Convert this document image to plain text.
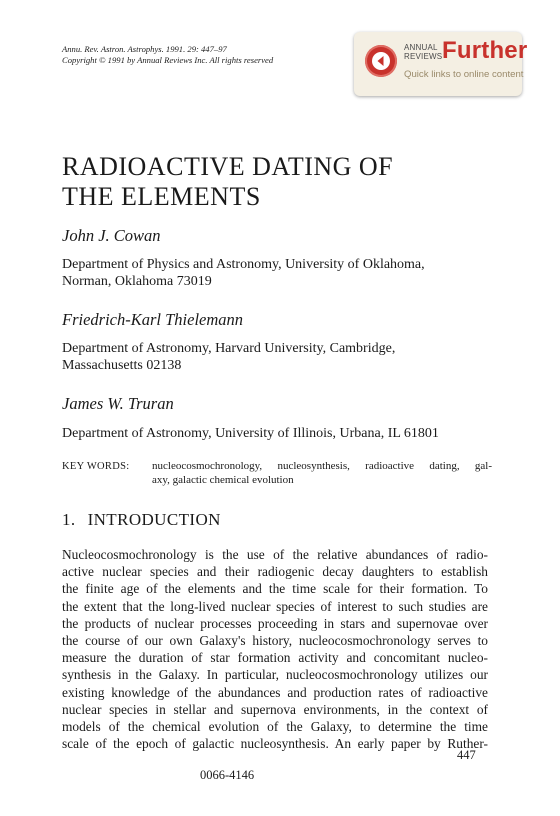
Annu. Rev. Astron. Astrophys. 1991. 29: 447–97
Copyright © 1991 by Annual Reviews Inc. All rights reserved
ANNUAL
REVIEWS Further
Quick links to online content
RADIOACTIVE DATING OF
THE ELEMENTS
John J. Cowan
Department of Physics and Astronomy, University of Oklahoma,
Norman, Oklahoma 73019
Friedrich-Karl Thielemann
Department of Astronomy, Harvard University, Cambridge,
Massachusetts 02138
James W. Truran
Department of Astronomy, University of Illinois, Urbana, IL 61801
KEY WORDS: nucleocosmochronology, nucleosynthesis, radioactive dating, gal-
axy, galactic chemical evolution
1. INTRODUCTION
Nucleocosmochronology is the use of the relative abundances of radio-
active nuclear species and their radiogenic decay daughters to establish
the finite age of the elements and the time scale for their formation. To
the extent that the long-lived nuclear species of interest to such studies are
the products of nuclear processes proceeding in stars and supernovae over
the course of our own Galaxy's history, nucleocosmochronology serves to
measure the duration of star formation activity and concomitant nucleo-
synthesis in the Galaxy. In particular, nucleocosmochronology utilizes our
existing knowledge of the abundances and production rates of radioactive
nuclear species in stellar and supernova environments, in the context of
models of the chemical evolution of the Galaxy, to determine the time
scale of the epoch of galactic nucleosynthesis. An early paper by Ruther-
447
0066-4146
